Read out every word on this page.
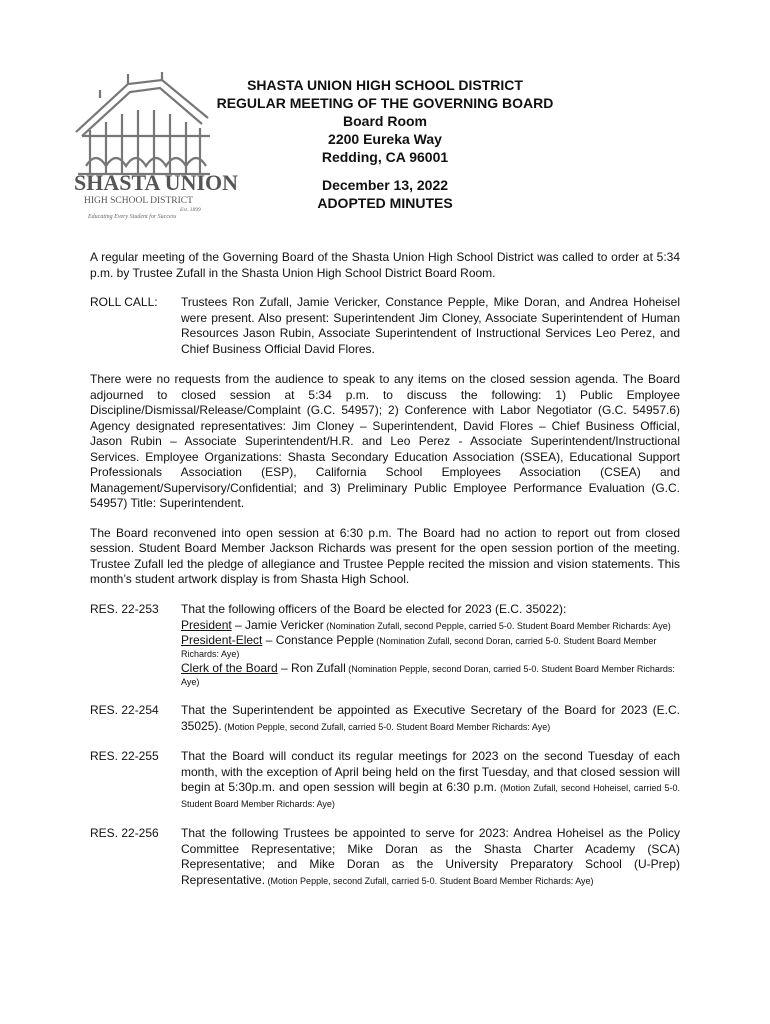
SHASTA UNION
HIGH SCHOOL DISTRICT
Est. 1899
Educating Every Student for Success
SHASTA UNION HIGH SCHOOL DISTRICT
REGULAR MEETING OF THE GOVERNING BOARD
Board Room
2200 Eureka Way
Redding, CA 96001
December 13, 2022
ADOPTED MINUTES

A regular meeting of the Governing Board of the Shasta Union High School District was called to order at 5:34 p.m. by Trustee Zufall in the Shasta Union High School District Board Room.

ROLL CALL:	Trustees Ron Zufall, Jamie Vericker, Constance Pepple, Mike Doran, and Andrea Hoheisel were present. Also present: Superintendent Jim Cloney, Associate Superintendent of Human Resources Jason Rubin, Associate Superintendent of Instructional Services Leo Perez, and Chief Business Official David Flores.

There were no requests from the audience to speak to any items on the closed session agenda. The Board adjourned to closed session at 5:34 p.m. to discuss the following: 1) Public Employee Discipline/Dismissal/Release/Complaint (G.C. 54957); 2) Conference with Labor Negotiator (G.C. 54957.6) Agency designated representatives: Jim Cloney – Superintendent, David Flores – Chief Business Official, Jason Rubin – Associate Superintendent/H.R. and Leo Perez - Associate Superintendent/Instructional Services. Employee Organizations: Shasta Secondary Education Association (SSEA), Educational Support Professionals Association (ESP), California School Employees Association (CSEA) and Management/Supervisory/Confidential; and 3) Preliminary Public Employee Performance Evaluation (G.C. 54957) Title: Superintendent.

The Board reconvened into open session at 6:30 p.m. The Board had no action to report out from closed session. Student Board Member Jackson Richards was present for the open session portion of the meeting. Trustee Zufall led the pledge of allegiance and Trustee Pepple recited the mission and vision statements. This month’s student artwork display is from Shasta High School.

RES. 22-253	That the following officers of the Board be elected for 2023 (E.C. 35022):
President – Jamie Vericker (Nomination Zufall, second Pepple, carried 5-0. Student Board Member Richards: Aye)
President-Elect – Constance Pepple (Nomination Zufall, second Doran, carried 5-0. Student Board Member Richards: Aye)
Clerk of the Board – Ron Zufall (Nomination Pepple, second Doran, carried 5-0. Student Board Member Richards: Aye)
RES. 22-254	That the Superintendent be appointed as Executive Secretary of the Board for 2023 (E.C. 35025). (Motion Pepple, second Zufall, carried 5-0. Student Board Member Richards: Aye)
RES. 22-255	That the Board will conduct its regular meetings for 2023 on the second Tuesday of each month, with the exception of April being held on the first Tuesday, and that closed session will begin at 5:30p.m. and open session will begin at 6:30 p.m. (Motion Zufall, second Hoheisel, carried 5-0. Student Board Member Richards: Aye)
RES. 22-256	That the following Trustees be appointed to serve for 2023: Andrea Hoheisel as the Policy Committee Representative; Mike Doran as the Shasta Charter Academy (SCA) Representative; and Mike Doran as the University Preparatory School (U-Prep) Representative. (Motion Pepple, second Zufall, carried 5-0. Student Board Member Richards: Aye)
